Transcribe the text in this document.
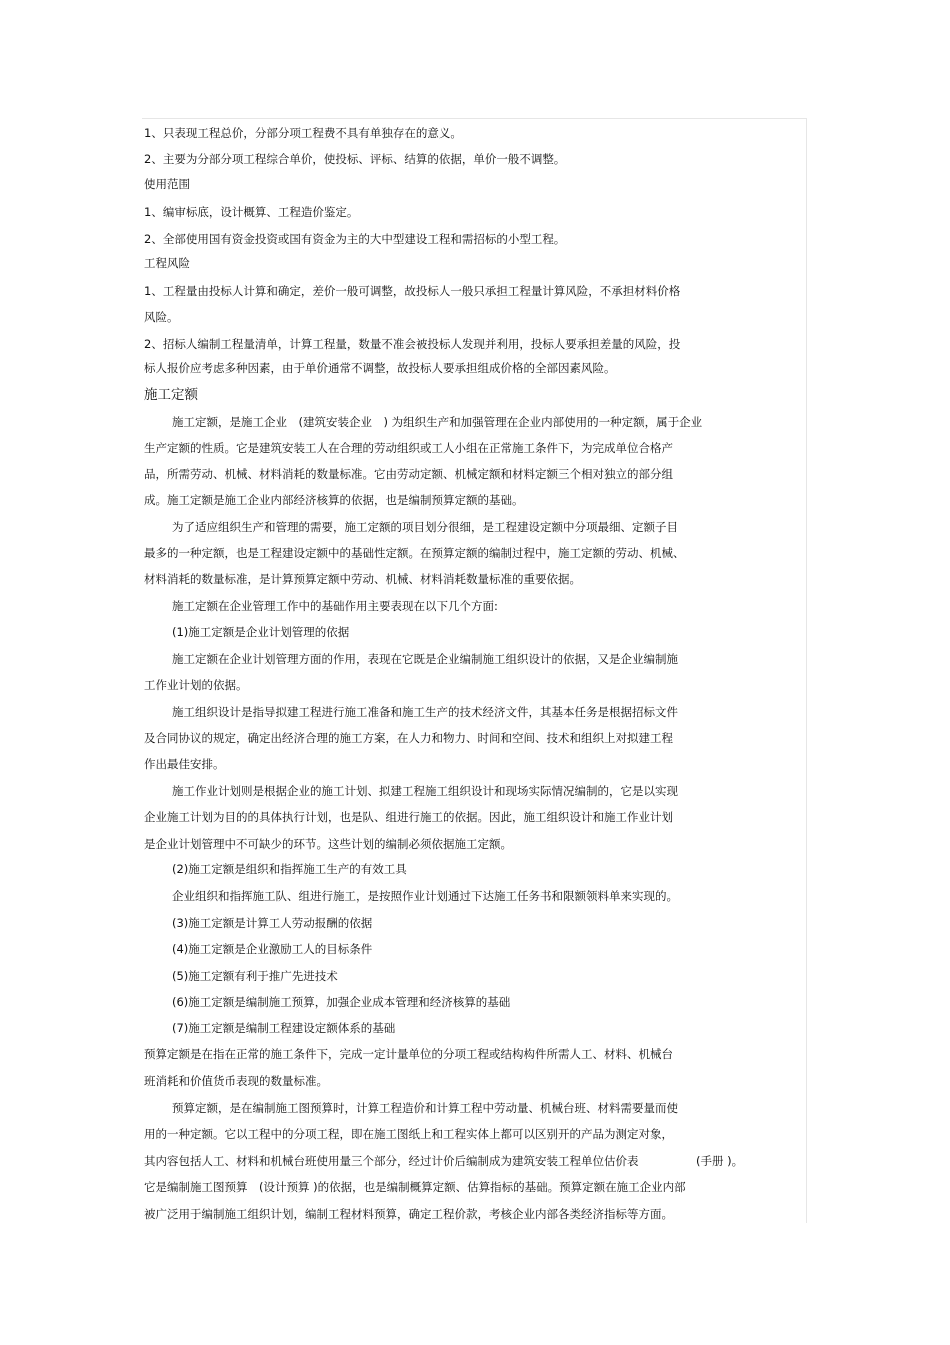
1、只表现工程总价，分部分项工程费不具有单独存在的意义。

2、主要为分部分项工程综合单价，使投标、评标、结算的依据，单价一般不调整。

使用范围

1、编审标底，设计概算、工程造价鉴定。

2、全部使用国有资金投资或国有资金为主的大中型建设工程和需招标的小型工程。

工程风险

1、工程量由投标人计算和确定，差价一般可调整，故投标人一般只承担工程量计算风险，不承担材料价格

风险。

2、招标人编制工程量清单，计算工程量，数量不准会被投标人发现并利用，投标人要承担差量的风险，投

标人报价应考虑多种因素，由于单价通常不调整，故投标人要承担组成价格的全部因素风险。

施工定额

施工定额，是施工企业　(建筑安装企业　) 为组织生产和加强管理在企业内部使用的一种定额，属于企业

生产定额的性质。它是建筑安装工人在合理的劳动组织或工人小组在正常施工条件下，为完成单位合格产

品，所需劳动、机械、材料消耗的数量标准。它由劳动定额、机械定额和材料定额三个相对独立的部分组

成。施工定额是施工企业内部经济核算的依据，也是编制预算定额的基础。

为了适应组织生产和管理的需要，施工定额的项目划分很细，是工程建设定额中分项最细、定额子目

最多的一种定额，也是工程建设定额中的基础性定额。在预算定额的编制过程中，施工定额的劳动、机械、

材料消耗的数量标准，是计算预算定额中劳动、机械、材料消耗数量标准的重要依据。

施工定额在企业管理工作中的基础作用主要表现在以下几个方面:

(1)施工定额是企业计划管理的依据

施工定额在企业计划管理方面的作用，表现在它既是企业编制施工组织设计的依据，又是企业编制施

工作业计划的依据。

施工组织设计是指导拟建工程进行施工准备和施工生产的技术经济文件，其基本任务是根据招标文件

及合同协议的规定，确定出经济合理的施工方案，在人力和物力、时间和空间、技术和组织上对拟建工程

作出最佳安排。

施工作业计划则是根据企业的施工计划、拟建工程施工组织设计和现场实际情况编制的，它是以实现

企业施工计划为目的的具体执行计划，也是队、组进行施工的依据。因此，施工组织设计和施工作业计划

是企业计划管理中不可缺少的环节。这些计划的编制必须依据施工定额。

(2)施工定额是组织和指挥施工生产的有效工具

企业组织和指挥施工队、组进行施工，是按照作业计划通过下达施工任务书和限额领料单来实现的。

(3)施工定额是计算工人劳动报酬的依据

(4)施工定额是企业激励工人的目标条件

(5)施工定额有利于推广先进技术

(6)施工定额是编制施工预算，加强企业成本管理和经济核算的基础

(7)施工定额是编制工程建设定额体系的基础

预算定额是在指在正常的施工条件下，完成一定计量单位的分项工程或结构构件所需人工、材料、机械台

班消耗和价值货币表现的数量标准。

预算定额，是在编制施工图预算时，计算工程造价和计算工程中劳动量、机械台班、材料需要量而使

用的一种定额。它以工程中的分项工程，即在施工图纸上和工程实体上都可以区别开的产品为测定对象，

其内容包括人工、材料和机械台班使用量三个部分，经过计价后编制成为建筑安装工程单位估价表　　　　　(手册 )。

它是编制施工图预算　(设计预算 )的依据，也是编制概算定额、估算指标的基础。预算定额在施工企业内部

被广泛用于编制施工组织计划，编制工程材料预算，确定工程价款，考核企业内部各类经济指标等方面。
